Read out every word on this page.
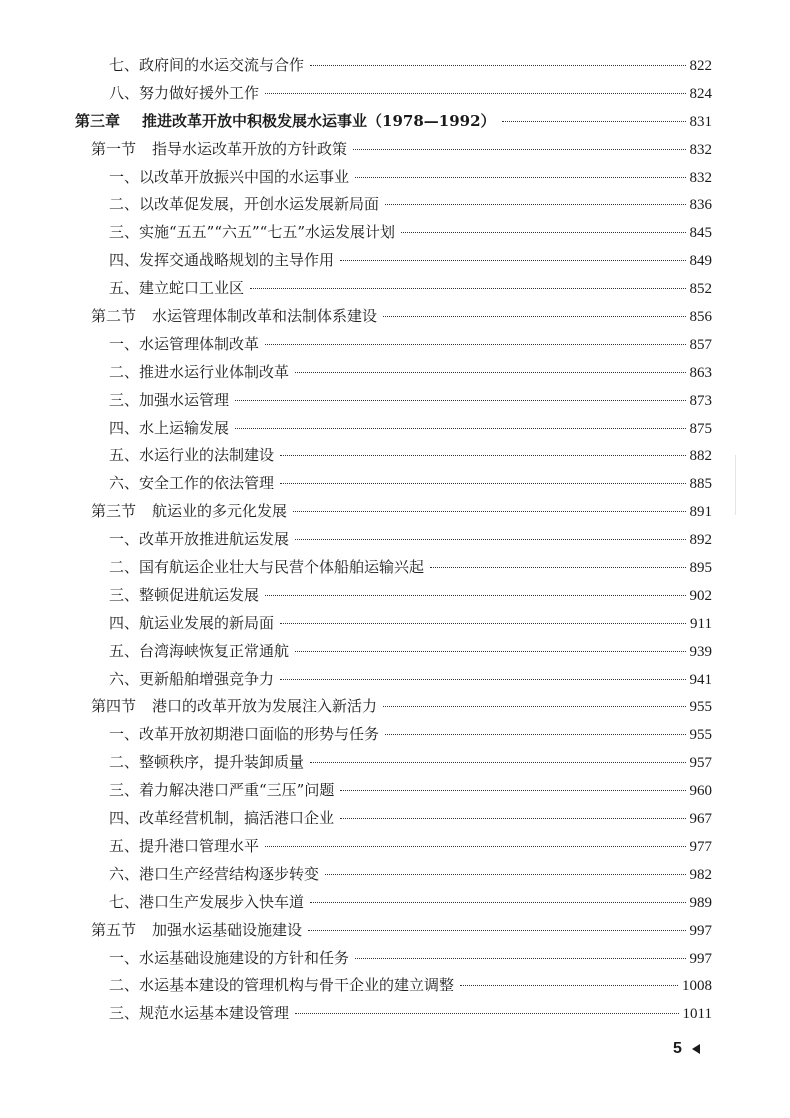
七、政府间的水运交流与合作	822
八、努力做好援外工作	824
第三章 推进改革开放中积极发展水运事业（1978—1992）	831
第一节 指导水运改革开放的方针政策	832
一、以改革开放振兴中国的水运事业	832
二、以改革促发展，开创水运发展新局面	836
三、实施“五五”“六五”“七五”水运发展计划	845
四、发挥交通战略规划的主导作用	849
五、建立蛇口工业区	852
第二节 水运管理体制改革和法制体系建设	856
一、水运管理体制改革	857
二、推进水运行业体制改革	863
三、加强水运管理	873
四、水上运输发展	875
五、水运行业的法制建设	882
六、安全工作的依法管理	885
第三节 航运业的多元化发展	891
一、改革开放推进航运发展	892
二、国有航运企业壮大与民营个体船舶运输兴起	895
三、整顿促进航运发展	902
四、航运业发展的新局面	911
五、台湾海峡恢复正常通航	939
六、更新船舶增强竞争力	941
第四节 港口的改革开放为发展注入新活力	955
一、改革开放初期港口面临的形势与任务	955
二、整顿秩序，提升装卸质量	957
三、着力解决港口严重“三压”问题	960
四、改革经营机制，搞活港口企业	967
五、提升港口管理水平	977
六、港口生产经营结构逐步转变	982
七、港口生产发展步入快车道	989
第五节 加强水运基础设施建设	997
一、水运基础设施建设的方针和任务	997
二、水运基本建设的管理机构与骨干企业的建立调整	1008
三、规范水运基本建设管理	1011
5
